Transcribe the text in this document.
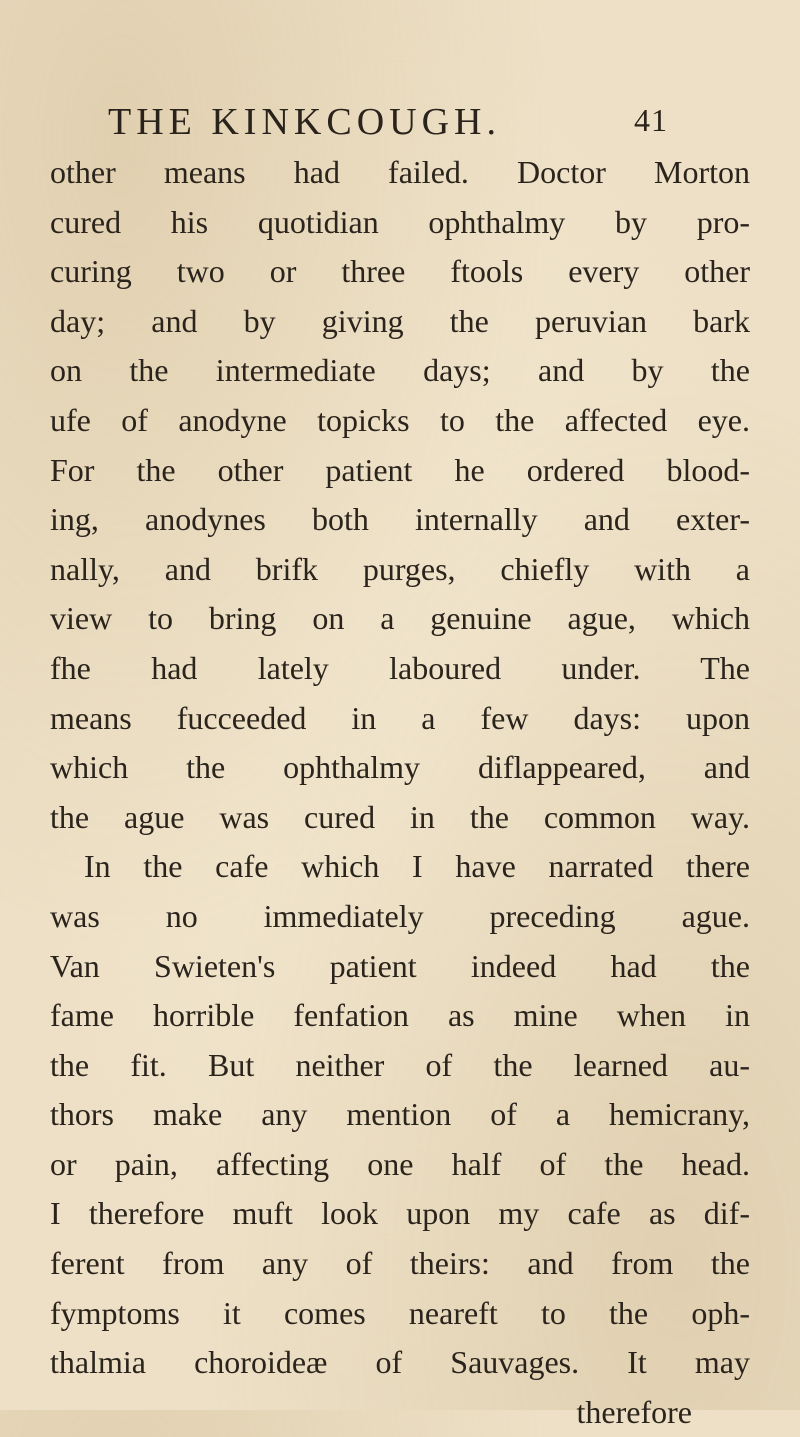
THE KINKCOUGH.	41
other means had failed. Doctor Morton
cured his quotidian ophthalmy by pro-
curing two or three ftools every other
day; and by giving the peruvian bark
on the intermediate days; and by the
ufe of anodyne topicks to the affected eye.
For the other patient he ordered blood-
ing, anodynes both internally and exter-
nally, and brifk purges, chiefly with a
view to bring on a genuine ague, which
fhe had lately laboured under. The
means fucceeded in a few days: upon
which the ophthalmy diflappeared, and
the ague was cured in the common way.
In the cafe which I have narrated there
was no immediately preceding ague.
Van Swieten's patient indeed had the
fame horrible fenfation as mine when in
the fit. But neither of the learned au-
thors make any mention of a hemicrany,
or pain, affecting one half of the head.
I therefore muft look upon my cafe as dif-
ferent from any of theirs: and from the
fymptoms it comes neareft to the oph-
thalmia choroideæ of Sauvages. It may
therefore
